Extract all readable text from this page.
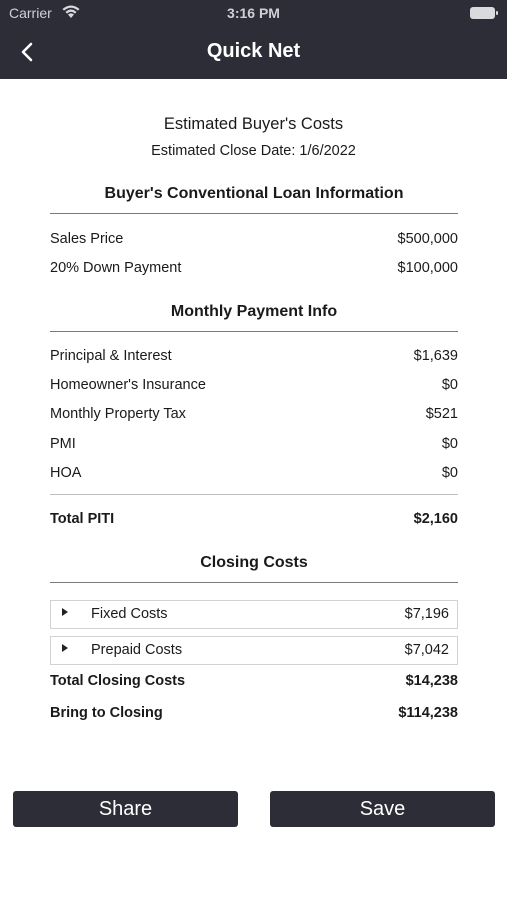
Carrier	3:16 PM
Quick Net
Estimated Buyer's Costs
Estimated Close Date: 1/6/2022
Buyer's Conventional Loan Information
Sales Price	$500,000
20% Down Payment	$100,000
Monthly Payment Info
Principal & Interest	$1,639
Homeowner's Insurance	$0
Monthly Property Tax	$521
PMI	$0
HOA	$0
Total PITI	$2,160
Closing Costs
Fixed Costs	$7,196
Prepaid Costs	$7,042
Total Closing Costs	$14,238
Bring to Closing	$114,238
Share	Save
